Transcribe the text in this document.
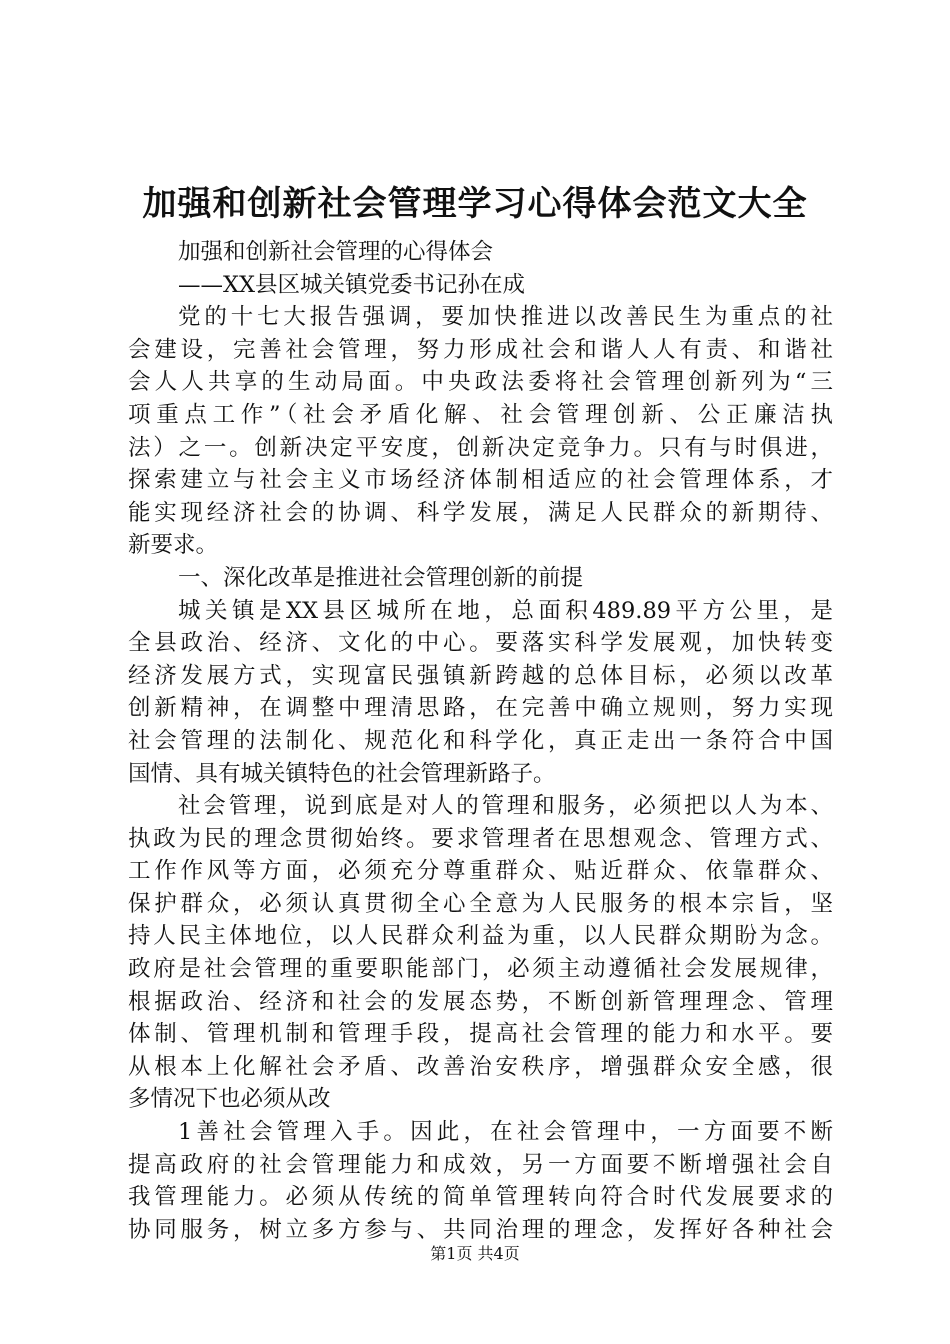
加强和创新社会管理学习心得体会范文大全
加强和创新社会管理的心得体会
——XX县区城关镇党委书记孙在成
党的十七大报告强调，要加快推进以改善民生为重点的社
会建设，完善社会管理，努力形成社会和谐人人有责、和谐社
会人人共享的生动局面。中央政法委将社会管理创新列为“三
项重点工作”（社会矛盾化解、社会管理创新、公正廉洁执
法）之一。创新决定平安度，创新决定竞争力。只有与时俱进，
探索建立与社会主义市场经济体制相适应的社会管理体系，才
能实现经济社会的协调、科学发展，满足人民群众的新期待、
新要求。
一、深化改革是推进社会管理创新的前提
城关镇是XX县区城所在地，总面积489.89平方公里，是
全县政治、经济、文化的中心。要落实科学发展观，加快转变
经济发展方式，实现富民强镇新跨越的总体目标，必须以改革
创新精神，在调整中理清思路，在完善中确立规则，努力实现
社会管理的法制化、规范化和科学化，真正走出一条符合中国
国情、具有城关镇特色的社会管理新路子。
社会管理，说到底是对人的管理和服务，必须把以人为本、
执政为民的理念贯彻始终。要求管理者在思想观念、管理方式、
工作作风等方面，必须充分尊重群众、贴近群众、依靠群众、
保护群众，必须认真贯彻全心全意为人民服务的根本宗旨，坚
持人民主体地位，以人民群众利益为重，以人民群众期盼为念。
政府是社会管理的重要职能部门，必须主动遵循社会发展规律，
根据政治、经济和社会的发展态势，不断创新管理理念、管理
体制、管理机制和管理手段，提高社会管理的能力和水平。要
从根本上化解社会矛盾、改善治安秩序，增强群众安全感，很
多情况下也必须从改
1善社会管理入手。因此，在社会管理中，一方面要不断
提高政府的社会管理能力和成效，另一方面要不断增强社会自
我管理能力。必须从传统的简单管理转向符合时代发展要求的
协同服务，树立多方参与、共同治理的理念，发挥好各种社会
第1页 共4页
